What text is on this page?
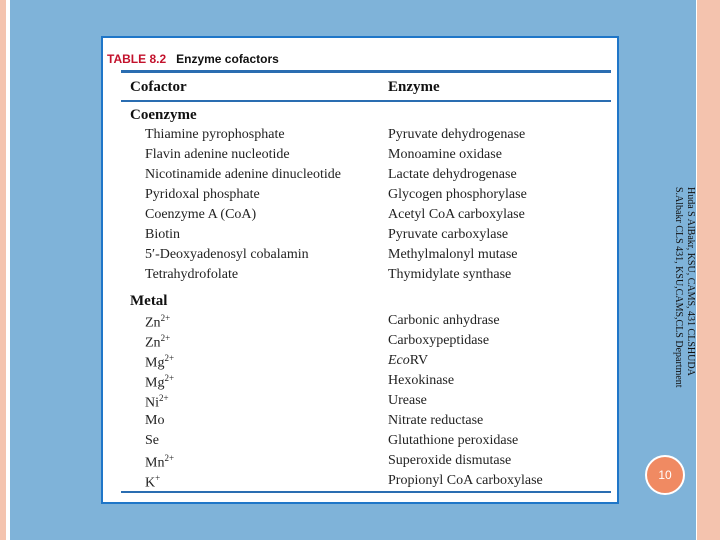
TABLE 8.2 Enzyme cofactors
Cofactor	Enzyme
Coenzyme
Thiamine pyrophosphate	Pyruvate dehydrogenase
Flavin adenine nucleotide	Monoamine oxidase
Nicotinamide adenine dinucleotide	Lactate dehydrogenase
Pyridoxal phosphate	Glycogen phosphorylase
Coenzyme A (CoA)	Acetyl CoA carboxylase
Biotin	Pyruvate carboxylase
5′-Deoxyadenosyl cobalamin	Methylmalonyl mutase
Tetrahydrofolate	Thymidylate synthase
Metal
$Zn^{2+}$	Carbonic anhydrase
$Zn^{2+}$	Carboxypeptidase
$Mg^{2+}$	EcoRV
$Mg^{2+}$	Hexokinase
$Ni^{2+}$	Urease
Mo	Nitrate reductase
Se	Glutathione peroxidase
$Mn^{2+}$	Superoxide dismutase
K+	Propionyl CoA carboxylase
Huda S AlBakr, KSU, CAMS, 431 CLSHUDA
S.Albakr CLS 431, KSU,CAMS,CLS Department
10
